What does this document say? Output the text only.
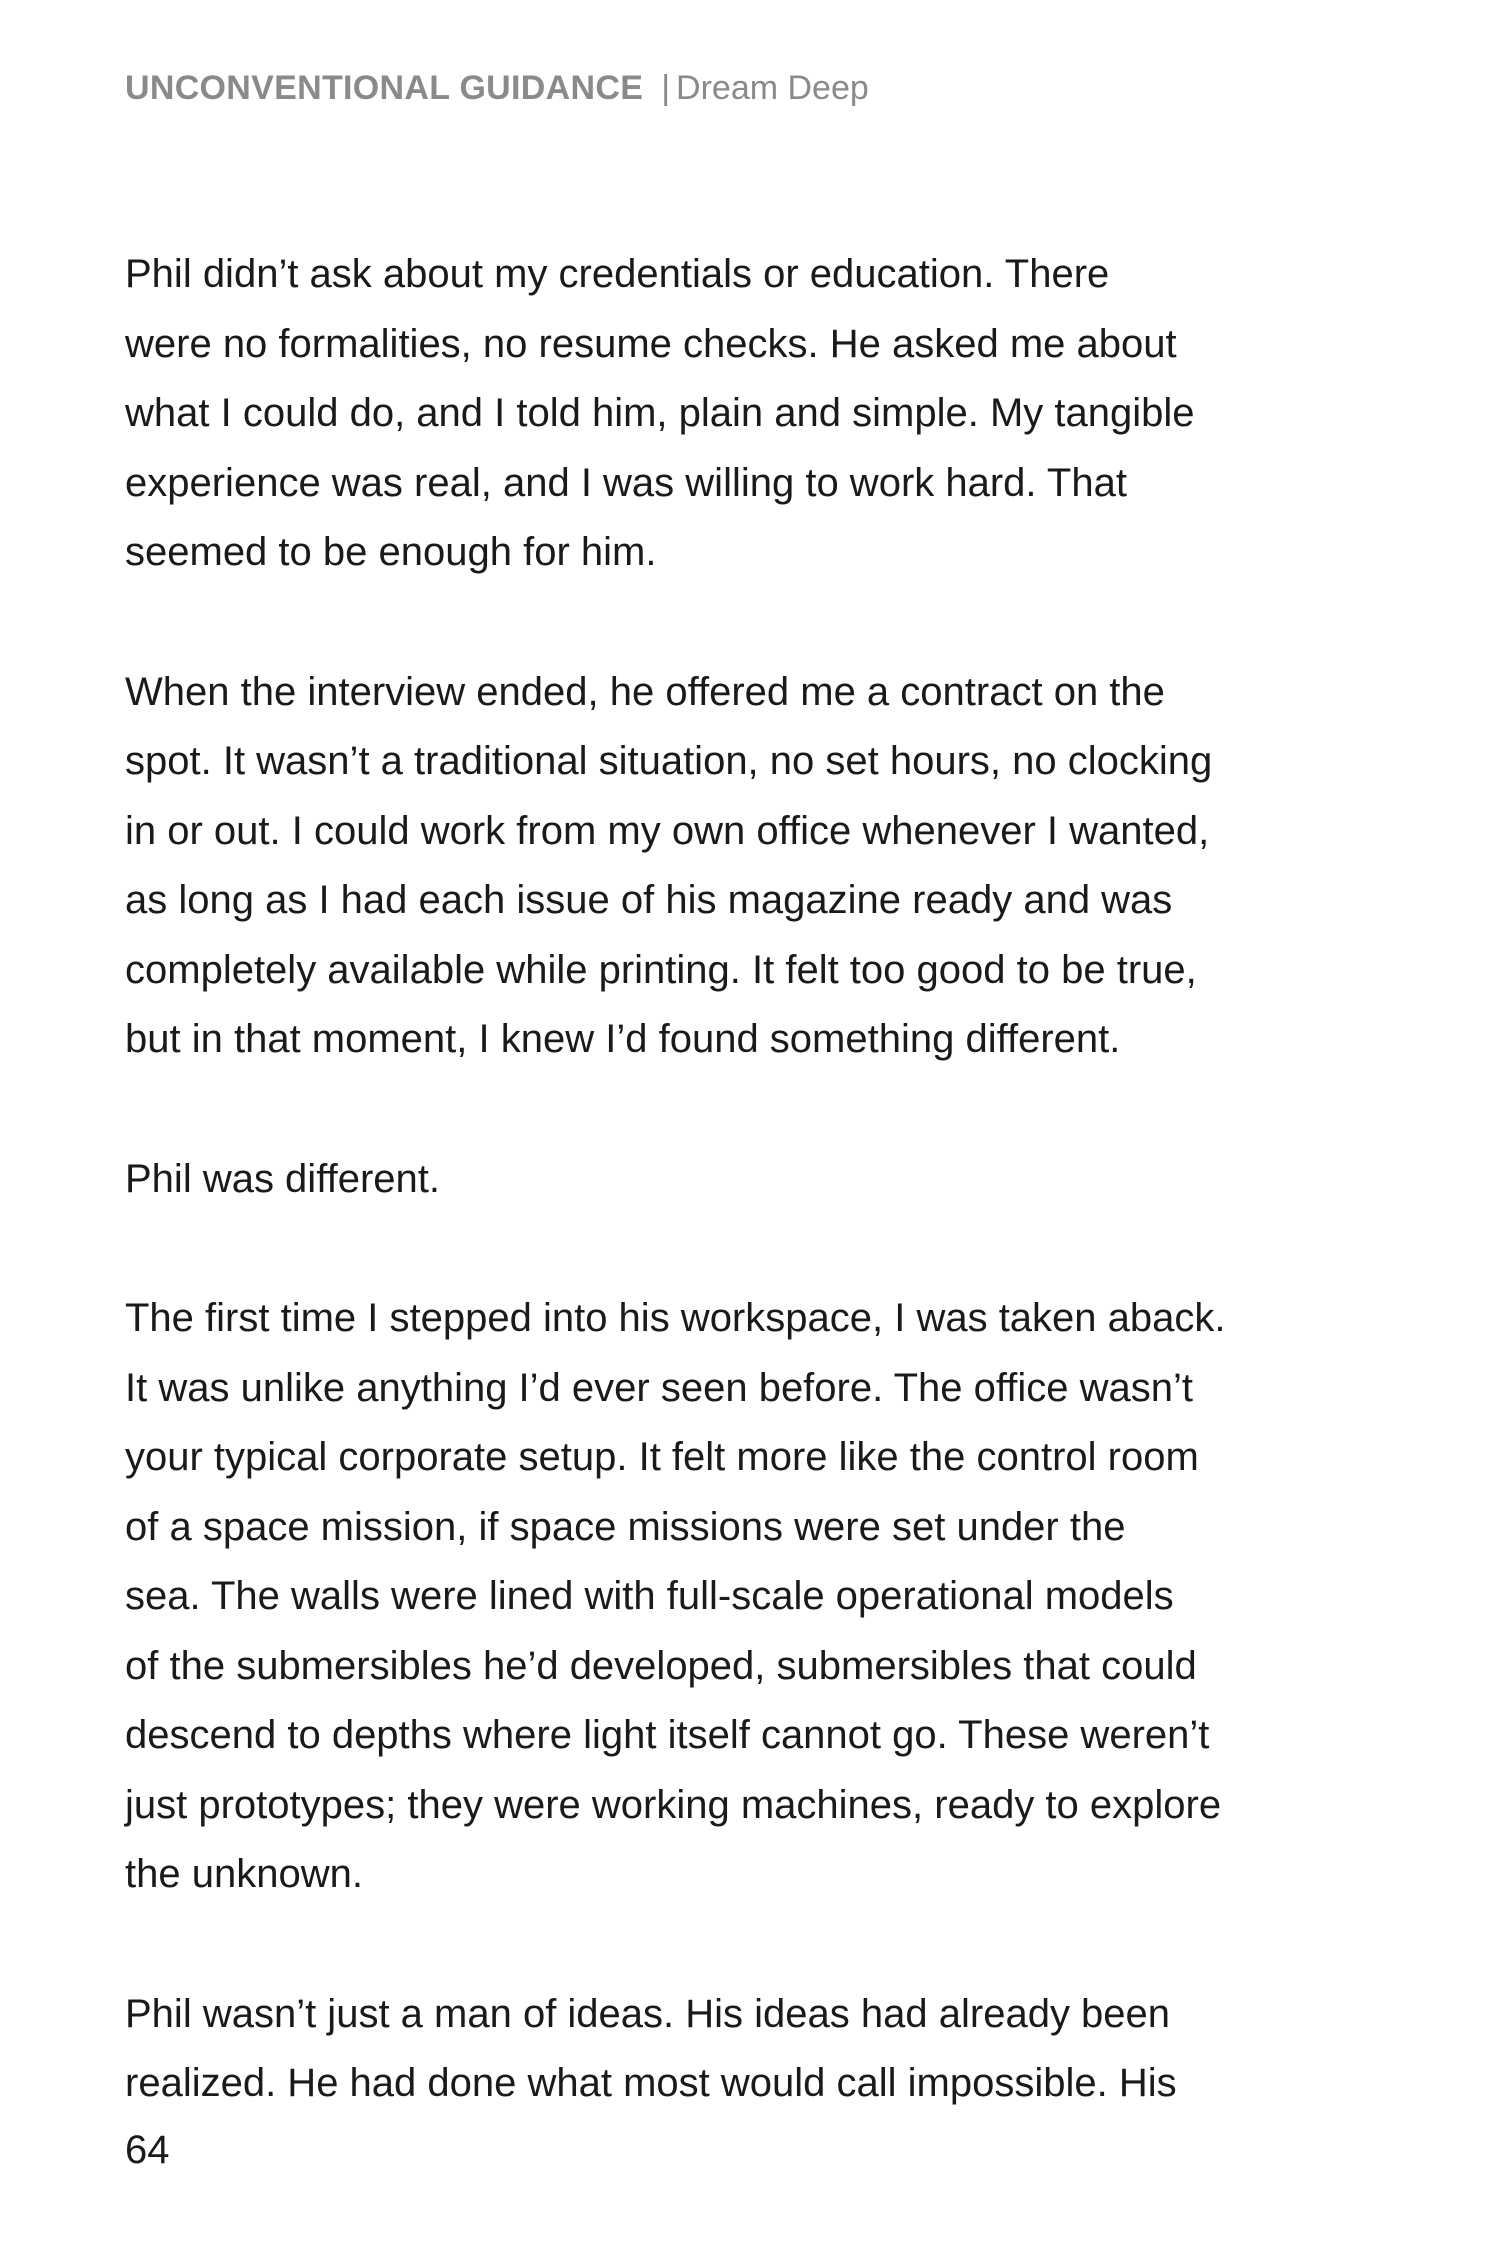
UNCONVENTIONAL GUIDANCE | Dream Deep

Phil didn’t ask about my credentials or education. There
were no formalities, no resume checks. He asked me about
what I could do, and I told him, plain and simple. My tangible
experience was real, and I was willing to work hard. That
seemed to be enough for him.

When the interview ended, he offered me a contract on the
spot. It wasn’t a traditional situation, no set hours, no clocking
in or out. I could work from my own office whenever I wanted,
as long as I had each issue of his magazine ready and was
completely available while printing. It felt too good to be true,
but in that moment, I knew I’d found something different.

Phil was different.

The first time I stepped into his workspace, I was taken aback.
It was unlike anything I’d ever seen before. The office wasn’t
your typical corporate setup. It felt more like the control room
of a space mission, if space missions were set under the
sea. The walls were lined with full-scale operational models
of the submersibles he’d developed, submersibles that could
descend to depths where light itself cannot go. These weren’t
just prototypes; they were working machines, ready to explore
the unknown.

Phil wasn’t just a man of ideas. His ideas had already been
realized. He had done what most would call impossible. His

64
